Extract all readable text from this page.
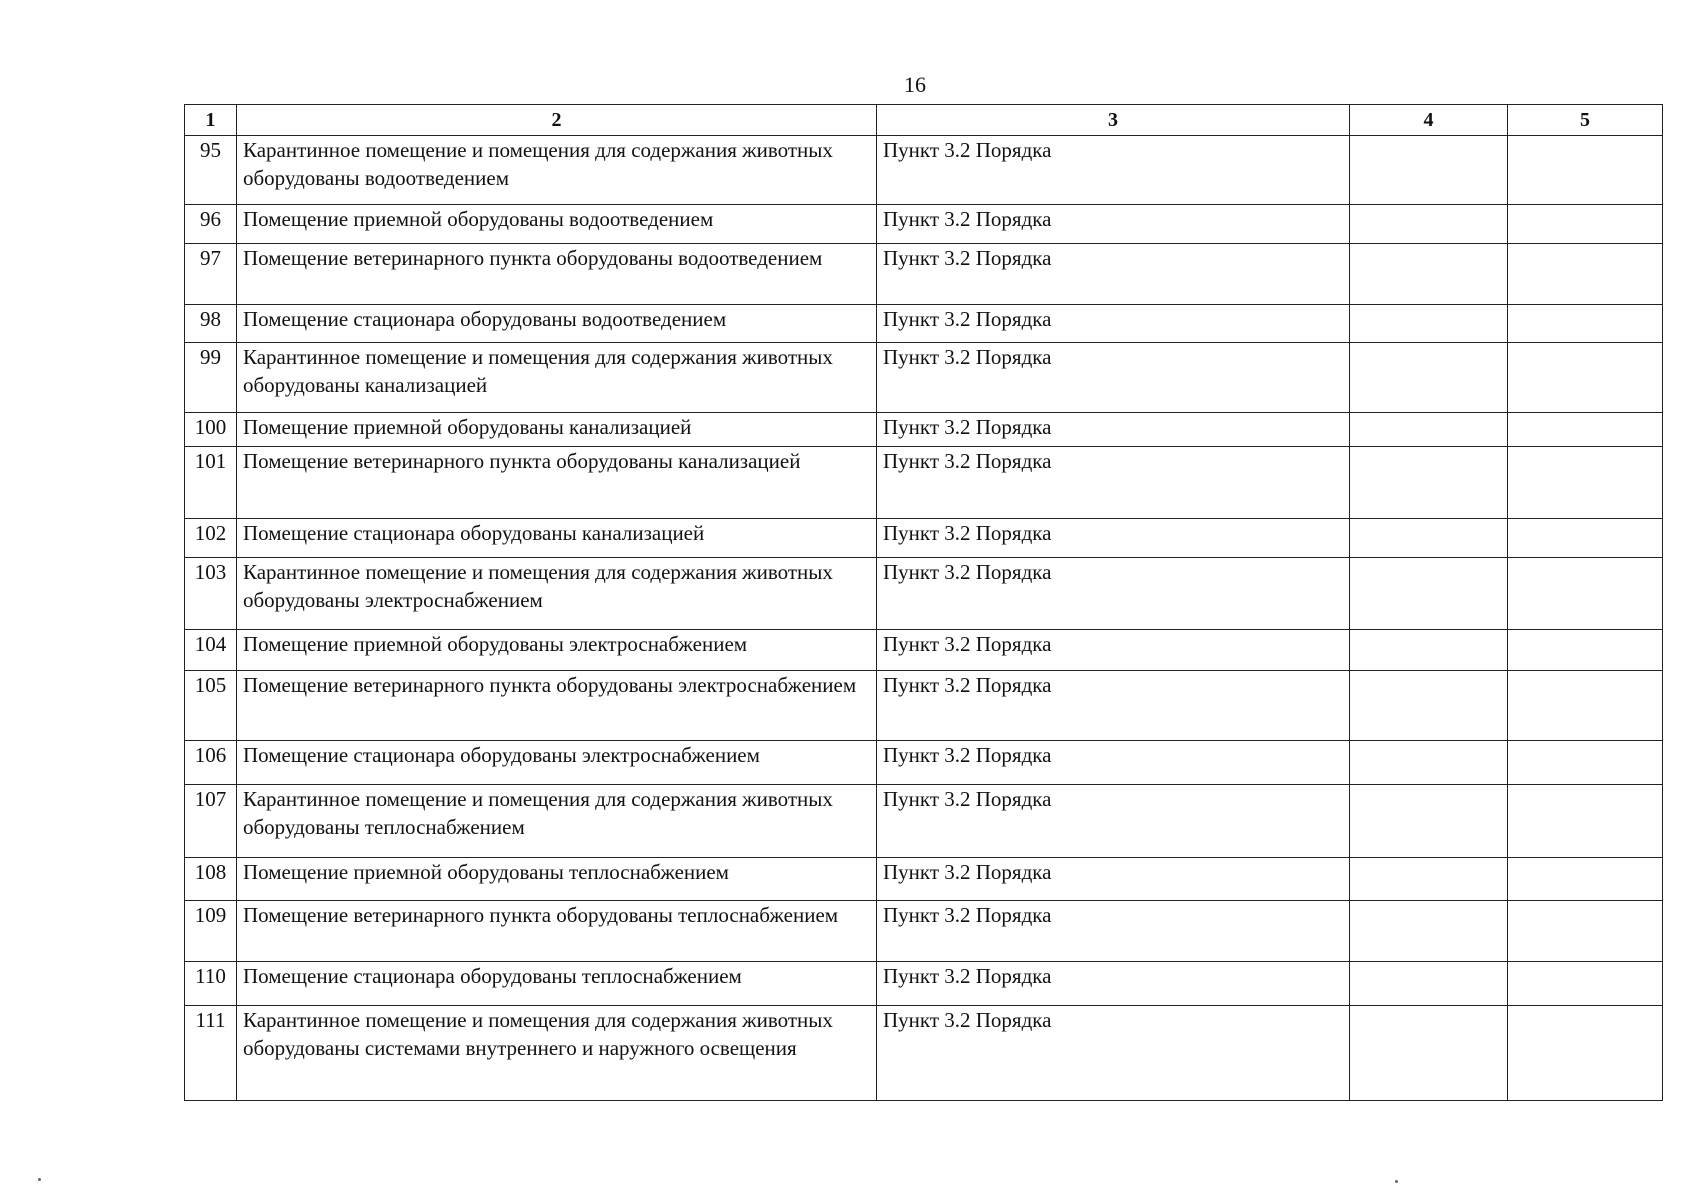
16
1	2	3	4	5
95	Карантинное помещение и помещения для содержания животных оборудованы водоотведением	Пункт 3.2 Порядка		
96	Помещение приемной оборудованы водоотведением	Пункт 3.2 Порядка		
97	Помещение ветеринарного пункта оборудованы водоотведением	Пункт 3.2 Порядка		
98	Помещение стационара оборудованы водоотведением	Пункт 3.2 Порядка		
99	Карантинное помещение и помещения для содержания животных оборудованы канализацией	Пункт 3.2 Порядка		
100	Помещение приемной оборудованы канализацией	Пункт 3.2 Порядка		
101	Помещение ветеринарного пункта оборудованы канализацией	Пункт 3.2 Порядка		
102	Помещение стационара оборудованы канализацией	Пункт 3.2 Порядка		
103	Карантинное помещение и помещения для содержания животных оборудованы электроснабжением	Пункт 3.2 Порядка		
104	Помещение приемной оборудованы электроснабжением	Пункт 3.2 Порядка		
105	Помещение ветеринарного пункта оборудованы электроснабжением	Пункт 3.2 Порядка		
106	Помещение стационара оборудованы электроснабжением	Пункт 3.2 Порядка		
107	Карантинное помещение и помещения для содержания животных оборудованы теплоснабжением	Пункт 3.2 Порядка		
108	Помещение приемной оборудованы теплоснабжением	Пункт 3.2 Порядка		
109	Помещение ветеринарного пункта оборудованы теплоснабжением	Пункт 3.2 Порядка		
110	Помещение стационара оборудованы теплоснабжением	Пункт 3.2 Порядка		
111	Карантинное помещение и помещения для содержания животных оборудованы системами внутреннего и наружного освещения	Пункт 3.2 Порядка		
